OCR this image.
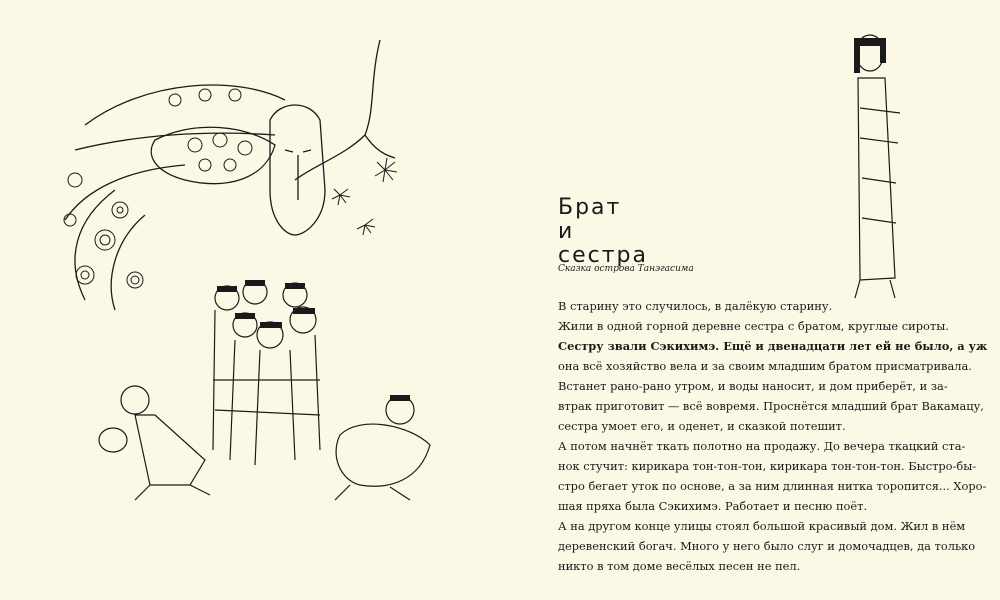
Брат
и
сестра
Сказка острова Танэгасима

В старину это случилось, в далёкую старину.

Жили в одной горной деревне сестра с братом, круглые сироты.

Сестру звали Сэкихимэ. Ещё и двенадцати лет ей не было, а уж

она всё хозяйство вела и за своим младшим братом присматривала.

Встанет рано-рано утром, и воды наносит, и дом приберёт, и за-

втрак приготовит — всё вовремя. Проснётся младший брат Вакамацу,

сестра умоет его, и оденет, и сказкой потешит.

А потом начнёт ткать полотно на продажу. До вечера ткацкий ста-

нок стучит: кирикара тон-тон-тон, кирикара тон-тон-тон. Быстро-бы-

стро бегает уток по основе, а за ним длинная нитка торопится... Хоро-

шая пряха была Сэкихимэ. Работает и песню поёт.

А на другом конце улицы стоял большой красивый дом. Жил в нём

деревенский богач. Много у него было слуг и домочадцев, да только

никто в том доме весёлых песен не пел.
